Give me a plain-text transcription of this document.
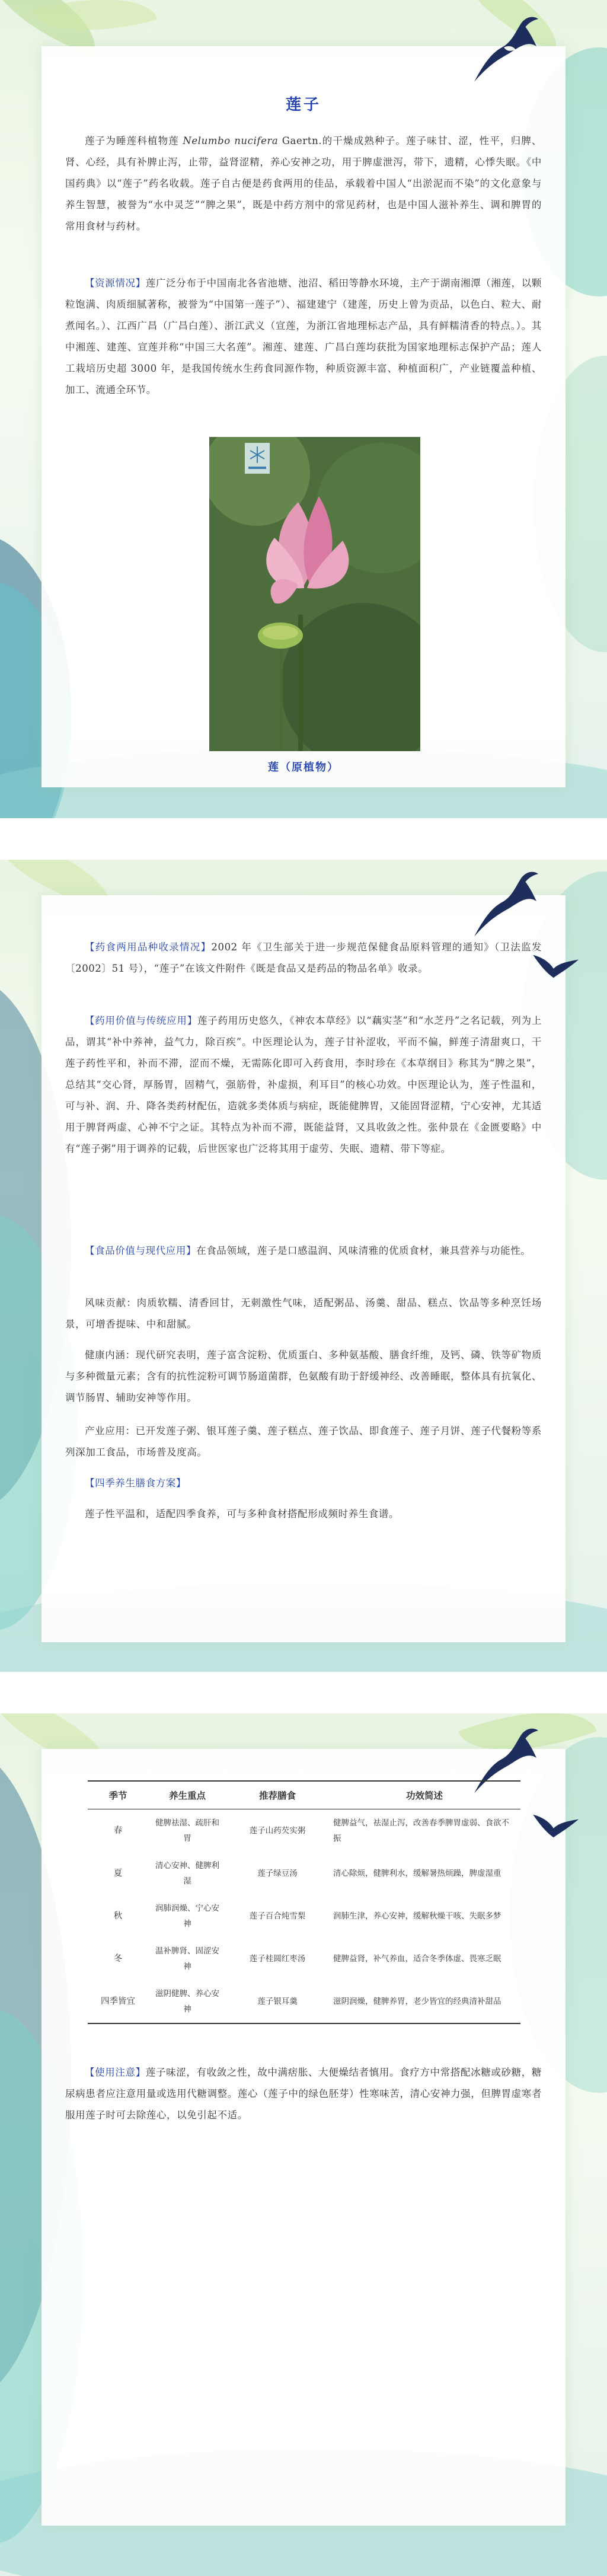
莲子

莲子为睡莲科植物莲 Nelumbo nucifera Gaertn.的干燥成熟种子。莲子味甘、涩，性平，归脾、肾、心经，具有补脾止泻，止带，益肾涩精，养心安神之功，用于脾虚泄泻，带下，遗精，心悸失眠。《中国药典》以“莲子”药名收载。莲子自古便是药食两用的佳品，承载着中国人“出淤泥而不染”的文化意象与养生智慧，被誉为“水中灵芝”“脾之果”，既是中药方剂中的常见药材，也是中国人滋补养生、调和脾胃的常用食材与药材。

【资源情况】莲广泛分布于中国南北各省池塘、池沼、稻田等静水环境，主产于湖南湘潭（湘莲，以颗粒饱满、肉质细腻著称，被誉为“中国第一莲子”）、福建建宁（建莲，历史上曾为贡品，以色白、粒大、耐煮闻名。）、江西广昌（广昌白莲）、浙江武义（宣莲，为浙江省地理标志产品，具有鲜糯清香的特点。）。其中湘莲、建莲、宣莲并称“中国三大名莲”。湘莲、建莲、广昌白莲均获批为国家地理标志保护产品；莲人工栽培历史超 3000 年，是我国传统水生药食同源作物，种质资源丰富、种植面积广，产业链覆盖种植、加工、流通全环节。

莲（原植物）

【药食两用品种收录情况】2002 年《卫生部关于进一步规范保健食品原料管理的通知》（卫法监发〔2002〕51 号），“莲子”在该文件附件《既是食品又是药品的物品名单》收录。

【药用价值与传统应用】莲子药用历史悠久，《神农本草经》以“藕实茎”和“水芝丹”之名记载，列为上品，谓其“补中养神，益气力，除百疾”。中医理论认为，莲子甘补涩收，平而不偏，鲜莲子清甜爽口，干莲子药性平和，补而不滞，涩而不燥，无需陈化即可入药食用，李时珍在《本草纲目》称其为“脾之果”，总结其“交心肾，厚肠胃，固精气，强筋骨，补虚损，利耳目”的核心功效。中医理论认为，莲子性温和，可与补、润、升、降各类药材配伍，造就多类体质与病症，既能健脾胃，又能固肾涩精，宁心安神，尤其适用于脾肾两虚、心神不宁之证。其特点为补而不滞，既能益肾，又具收敛之性。张仲景在《金匮要略》中有“莲子粥”用于调养的记载，后世医家也广泛将其用于虚劳、失眠、遗精、带下等症。

【食品价值与现代应用】在食品领域，莲子是口感温润、风味清雅的优质食材，兼具营养与功能性。

风味贡献：肉质软糯、清香回甘，无刺激性气味，适配粥品、汤羹、甜品、糕点、饮品等多种烹饪场景，可增香提味、中和甜腻。

健康内涵：现代研究表明，莲子富含淀粉、优质蛋白、多种氨基酸、膳食纤维，及钙、磷、铁等矿物质与多种微量元素；含有的抗性淀粉可调节肠道菌群，色氨酸有助于舒缓神经、改善睡眠，整体具有抗氧化、调节肠胃、辅助安神等作用。

产业应用：已开发莲子粥、银耳莲子羹、莲子糕点、莲子饮品、即食莲子、莲子月饼、莲子代餐粉等系列深加工食品，市场普及度高。

【四季养生膳食方案】

莲子性平温和，适配四季食养，可与多种食材搭配形成频时养生食谱。

季节	养生重点	推荐膳食	功效简述
春	健脾祛湿、疏肝和胃	莲子山药芡实粥	健脾益气，祛湿止泻，改善春季脾胃虚弱、食欲不振
夏	清心安神、健脾利湿	莲子绿豆汤	清心除烦，健脾利水，缓解暑热烦躁，脾虚湿重
秋	润肺润燥、宁心安神	莲子百合炖雪梨	润肺生津，养心安神，缓解秋燥干咳、失眠多梦
冬	温补脾肾、固涩安神	莲子桂圆红枣汤	健脾益肾，补气养血，适合冬季体虚、畏寒乏眠
四季皆宜	滋阴健脾、养心安神	莲子银耳羹	滋阴润燥，健脾养胃，老少皆宜的经典清补甜品

【使用注意】莲子味涩，有收敛之性，故中满痞胀、大便燥结者慎用。食疗方中常搭配冰糖或砂糖，糖尿病患者应注意用量或选用代糖调整。莲心（莲子中的绿色胚芽）性寒味苦，清心安神力强，但脾胃虚寒者服用莲子时可去除莲心，以免引起不适。
